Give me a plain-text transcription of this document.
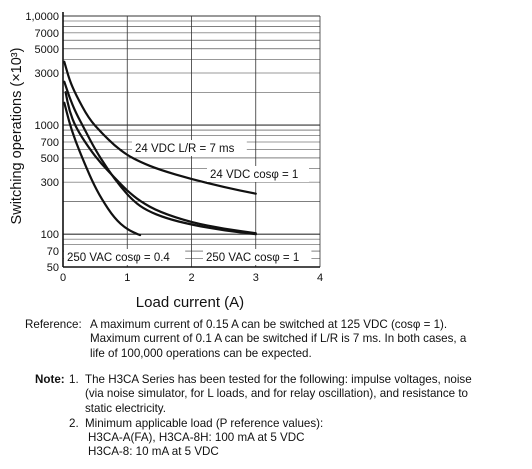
50
70
100
300
500
700
1000
3000
5000
7000
1,0000
0	1	2	3	4
24 VDC L/R = 7 ms
24 VDC cosφ = 1
250 VAC cosφ = 0.4	250 VAC cosφ = 1
Switching operations (×10³)
Load current (A)
Reference: A maximum current of 0.15 A can be switched at 125 VDC (cosφ = 1).
Maximum current of 0.1 A can be switched if L/R is 7 ms. In both cases, a
life of 100,000 operations can be expected.
Note: 1. The H3CA Series has been tested for the following: impulse voltages, noise
(via noise simulator, for L loads, and for relay oscillation), and resistance to
static electricity.
2. Minimum applicable load (P reference values):
H3CA-A(FA), H3CA-8H: 100 mA at 5 VDC
H3CA-8: 10 mA at 5 VDC
